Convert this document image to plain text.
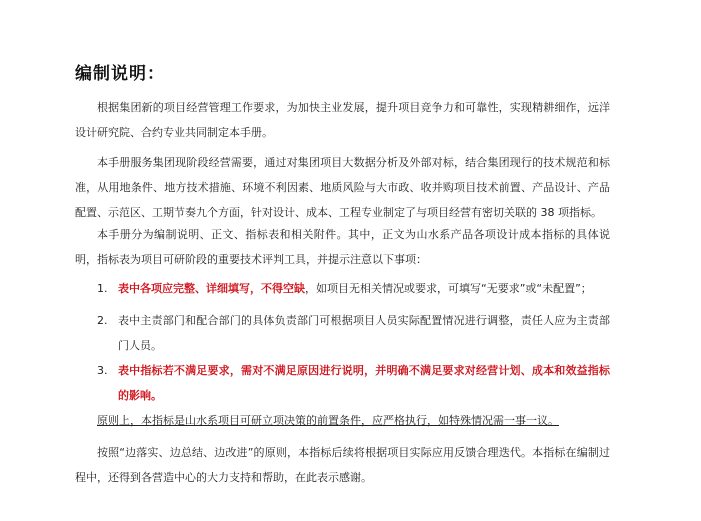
编制说明：

根据集团新的项目经营管理工作要求，为加快主业发展，提升项目竞争力和可靠性，实现精耕细作，远洋设计研究院、合约专业共同制定本手册。

本手册服务集团现阶段经营需要，通过对集团项目大数据分析及外部对标，结合集团现行的技术规范和标准，从用地条件、地方技术措施、环境不利因素、地质风险与大市政、收并购项目技术前置、产品设计、产品配置、示范区、工期节奏九个方面，针对设计、成本、工程专业制定了与项目经营有密切关联的 38 项指标。

本手册分为编制说明、正文、指标表和相关附件。其中，正文为山水系产品各项设计成本指标的具体说明，指标表为项目可研阶段的重要技术评判工具，并提示注意以下事项：

1. 表中各项应完整、详细填写，不得空缺，如项目无相关情况或要求，可填写“无要求”或“未配置”；
2. 表中主责部门和配合部门的具体负责部门可根据项目人员实际配置情况进行调整，责任人应为主责部门人员。
3. 表中指标若不满足要求，需对不满足原因进行说明，并明确不满足要求对经营计划、成本和效益指标的影响。
原则上，本指标是山水系项目可研立项决策的前置条件，应严格执行，如特殊情况需一事一议。

按照“边落实、边总结、边改进”的原则，本指标后续将根据项目实际应用反馈合理迭代。本指标在编制过程中，还得到各营造中心的大力支持和帮助，在此表示感谢。
